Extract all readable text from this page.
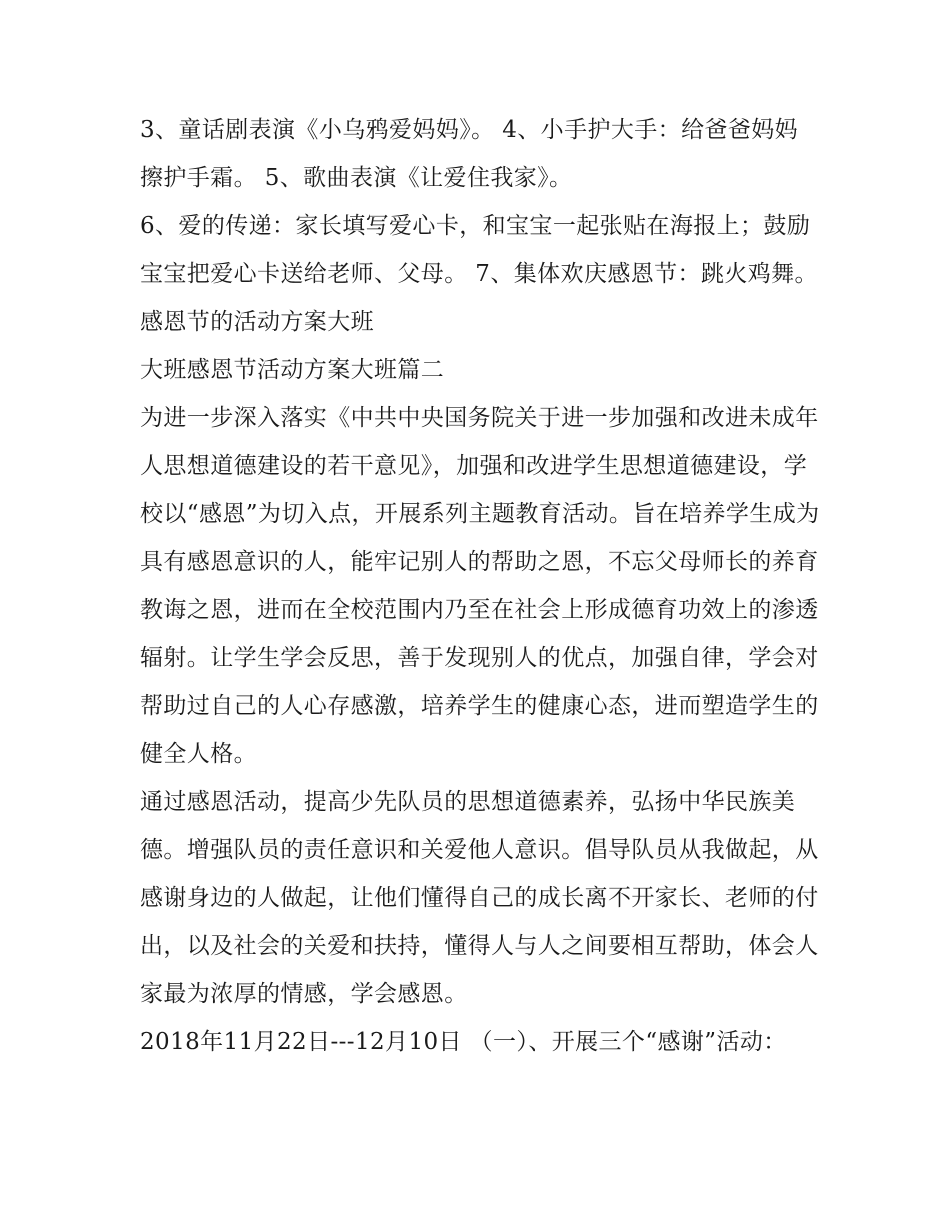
3、童话剧表演《小乌鸦爱妈妈》。 4、小手护大手：给爸爸妈妈擦护手霜。 5、歌曲表演《让爱住我家》。

6、爱的传递：家长填写爱心卡，和宝宝一起张贴在海报上；鼓励宝宝把爱心卡送给老师、父母。 7、集体欢庆感恩节：跳火鸡舞。 感恩节的活动方案大班

大班感恩节活动方案大班篇二

为进一步深入落实《中共中央国务院关于进一步加强和改进未成年人思想道德建设的若干意见》，加强和改进学生思想道德建设，学校以“感恩”为切入点，开展系列主题教育活动。旨在培养学生成为具有感恩意识的人，能牢记别人的帮助之恩，不忘父母师长的养育教诲之恩，进而在全校范围内乃至在社会上形成德育功效上的渗透辐射。让学生学会反思，善于发现别人的优点，加强自律，学会对帮助过自己的人心存感激，培养学生的健康心态，进而塑造学生的健全人格。

通过感恩活动，提高少先队员的思想道德素养，弘扬中华民族美德。增强队员的责任意识和关爱他人意识。倡导队员从我做起，从感谢身边的人做起，让他们懂得自己的成长离不开家长、老师的付出，以及社会的关爱和扶持，懂得人与人之间要相互帮助，体会人家最为浓厚的情感，学会感恩。

2018年11月22日---12月10日 （一）、开展三个“感谢”活动：
